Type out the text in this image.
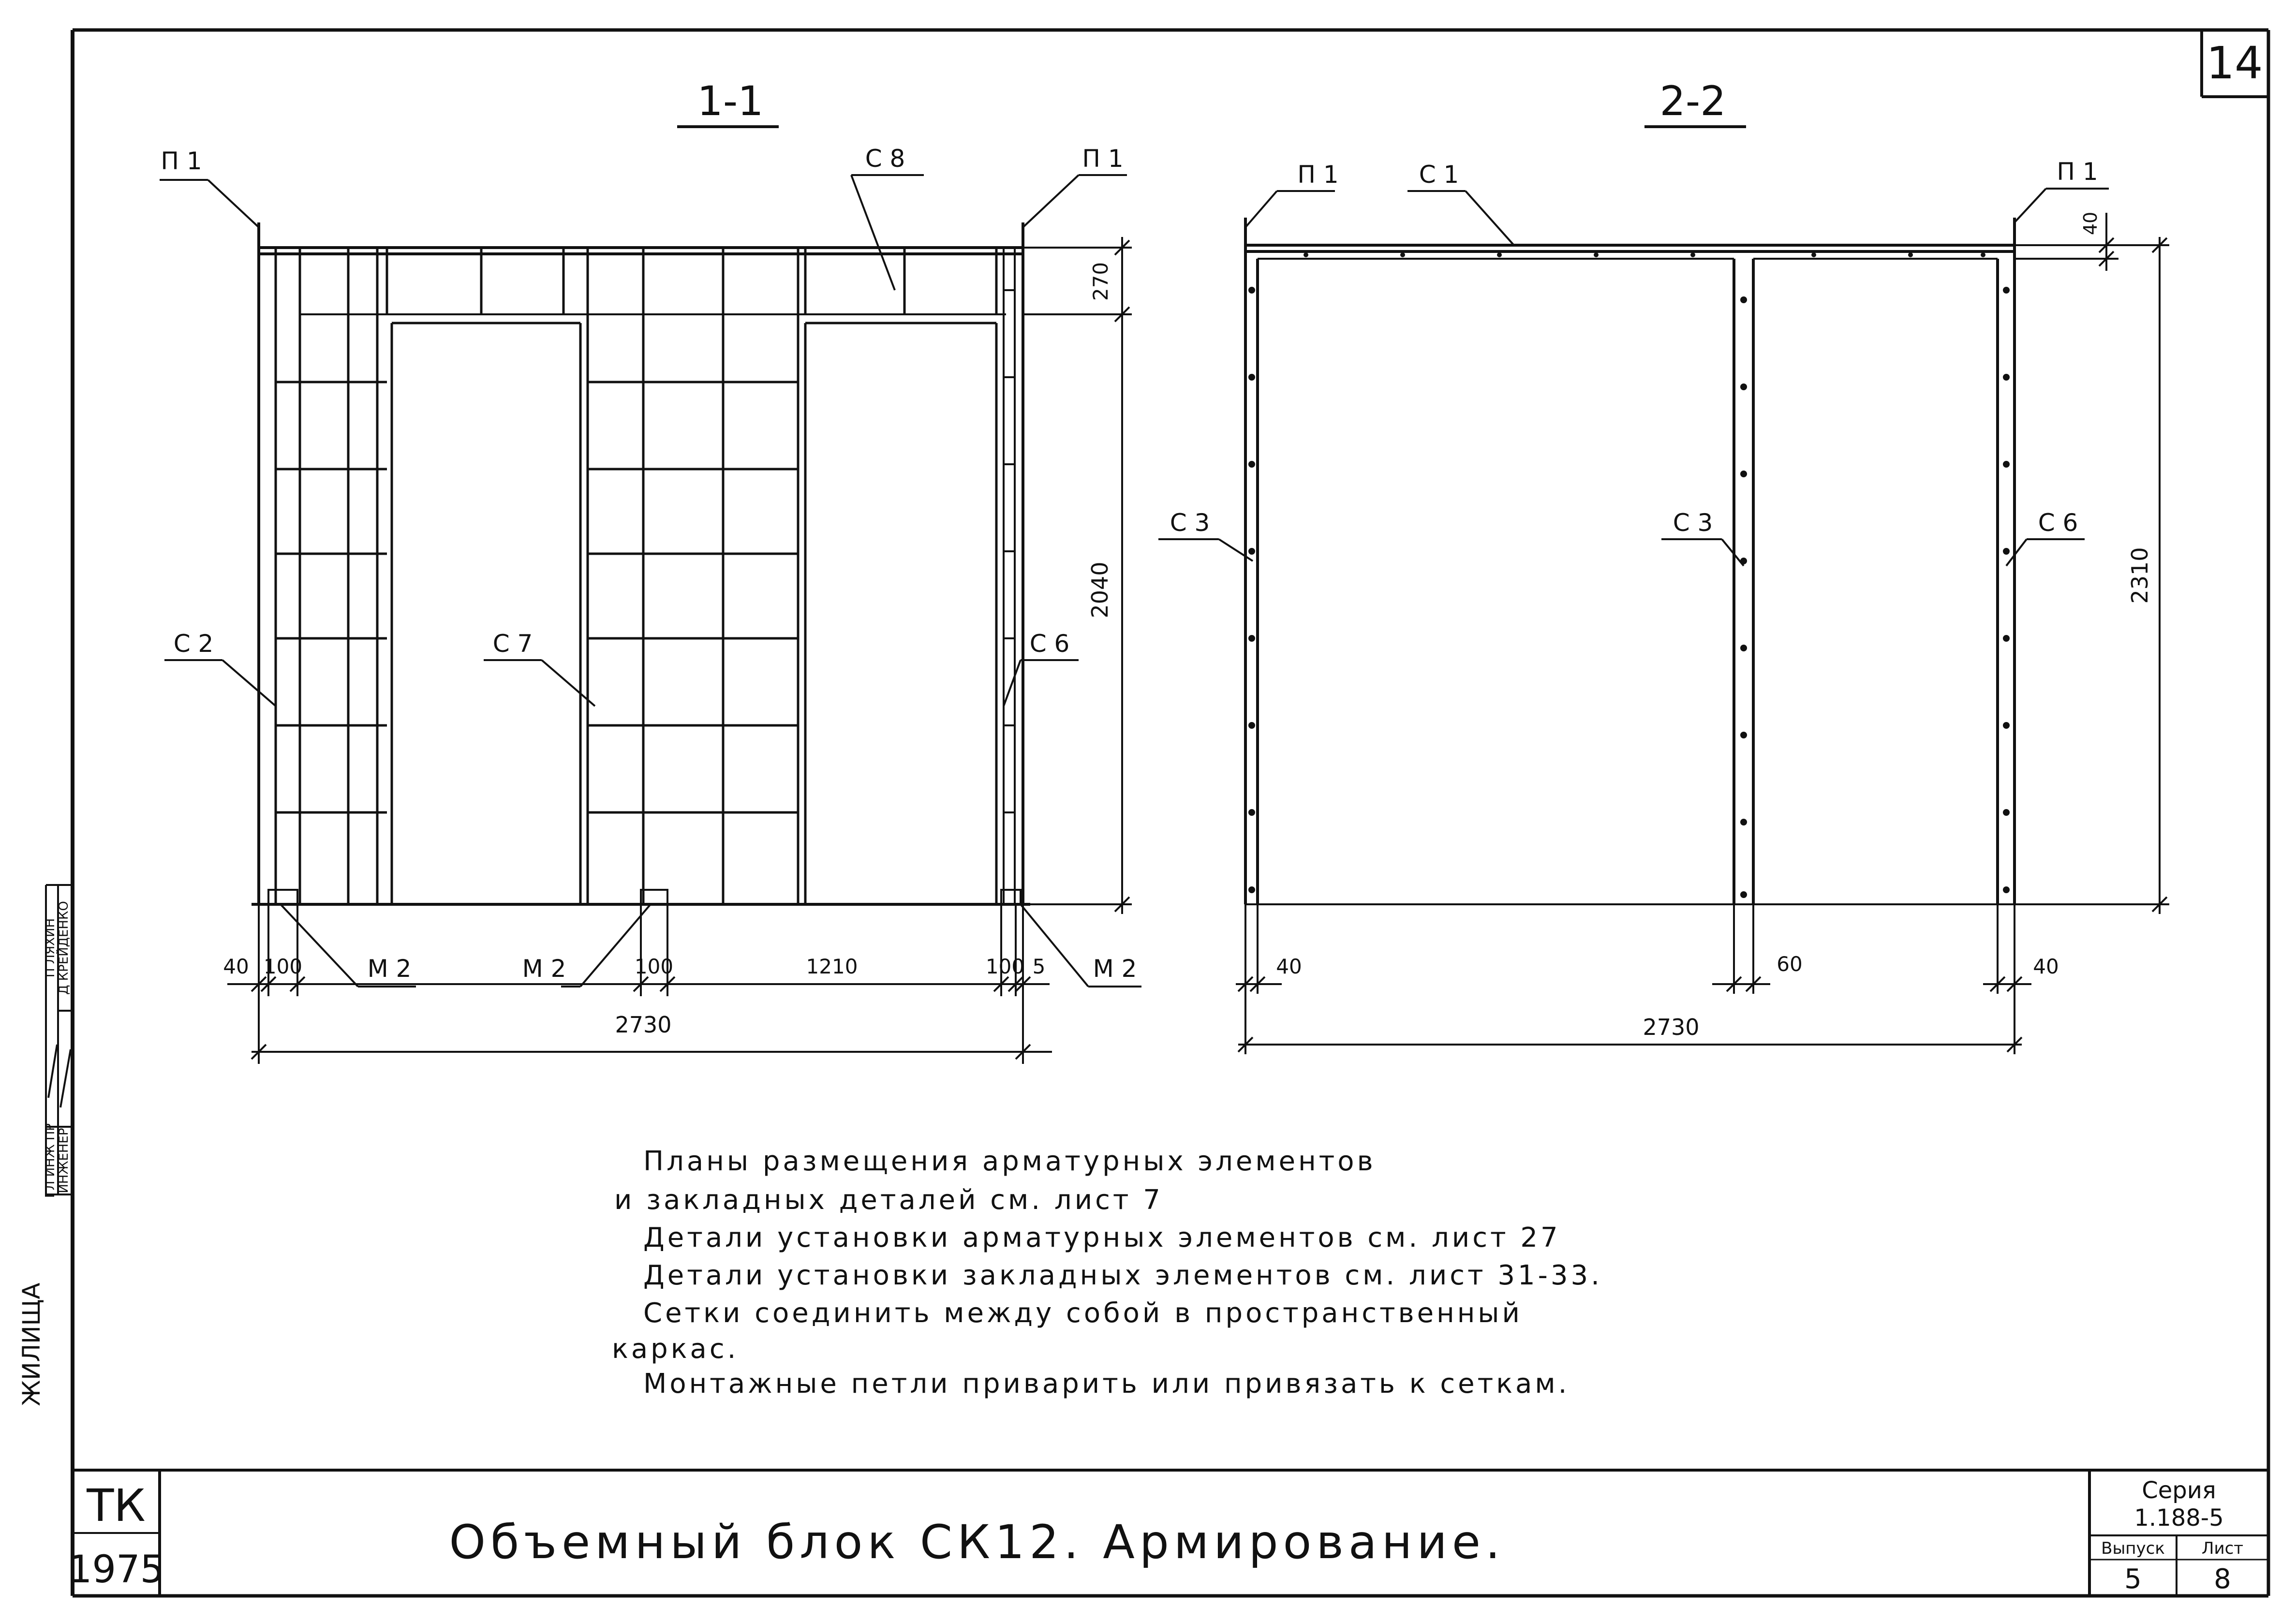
14
ЖИЛИЩА
ГЛ ИНЖ ПР
ИНЖЕНЕР
П ЛЯХИН
Д КРЕЙДЕНКО
1-1
П 1	С 8	П 1
С 2	С 7	С 6
М 2	М 2	М 2
40 100	100	1210	100 5
2730
270
2040
2-2
П 1	С 1	П 1
С 3	С 3	С 6
40
2310
40	60	40
2730
Планы размещения арматурных элементов
и закладных деталей см. лист 7
Детали установки арматурных элементов см. лист 27
Детали установки закладных элементов см. лист 31-33.
Сетки соединить между собой в пространственный
каркас.
Монтажные петли приварить или привязать к сеткам.
ТК
1975
Объемный блок СК12. Армирование.
Серия
1.188-5
Выпуск Лист
5	8
